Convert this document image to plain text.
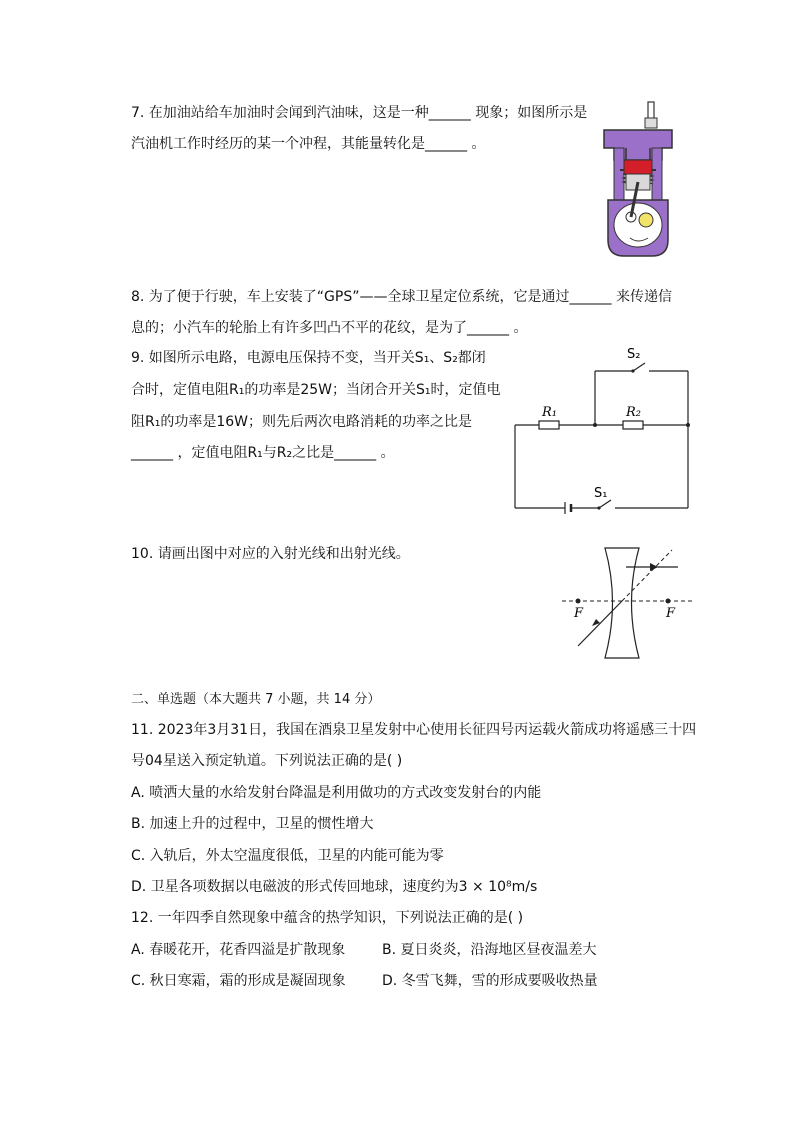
7. 在加油站给车加油时会闻到汽油味，这是一种______ 现象；如图所示是
汽油机工作时经历的某一个冲程，其能量转化是______ 。
8. 为了便于行驶，车上安装了“GPS”——全球卫星定位系统，它是通过______ 来传递信
息的；小汽车的轮胎上有许多凹凸不平的花纹，是为了______ 。
9. 如图所示电路，电源电压保持不变，当开关S₁、S₂都闭
合时，定值电阻R₁的功率是25W；当闭合开关S₁时，定值电
阻R₁的功率是16W；则先后两次电路消耗的功率之比是
______ ，定值电阻R₁与R₂之比是______ 。
S₂
R₁	R₂
S₁
10. 请画出图中对应的入射光线和出射光线。
F	F
二、单选题（本大题共 7 小题，共 14 分）
11. 2023年3月31日，我国在酒泉卫星发射中心使用长征四号丙运载火箭成功将遥感三十四
号04星送入预定轨道。下列说法正确的是( )
A. 喷洒大量的水给发射台降温是利用做功的方式改变发射台的内能
B. 加速上升的过程中，卫星的惯性增大
C. 入轨后，外太空温度很低，卫星的内能可能为零
D. 卫星各项数据以电磁波的形式传回地球，速度约为3 × 10⁸m/s
12. 一年四季自然现象中蕴含的热学知识，下列说法正确的是( )
A. 春暖花开，花香四溢是扩散现象	B. 夏日炎炎，沿海地区昼夜温差大
C. 秋日寒霜，霜的形成是凝固现象	D. 冬雪飞舞，雪的形成要吸收热量
